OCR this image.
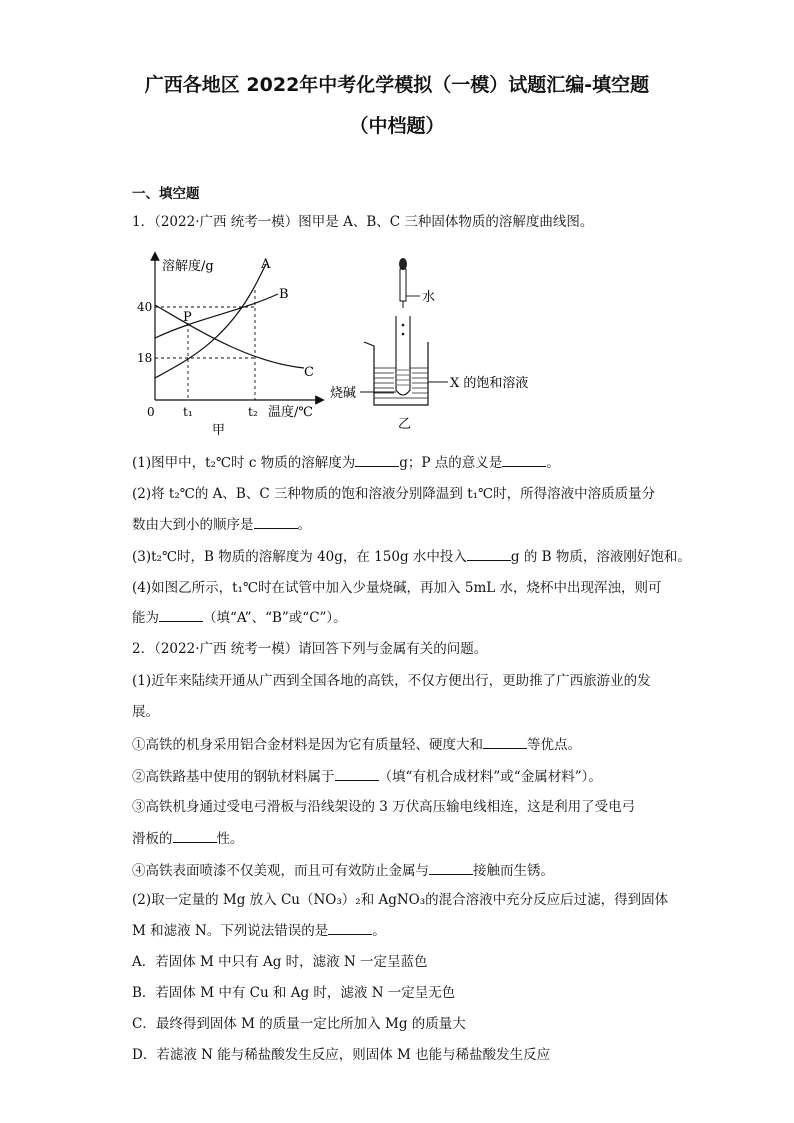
广西各地区 2022年中考化学模拟（一模）试题汇编-填空题
（中档题）
一、填空题
1．（2022·广西 统考一模）图甲是 A、B、C 三种固体物质的溶解度曲线图。
溶解度/g
温度/℃
0
40
18
t₁	t₂
A
B
C
P
甲
水
烧碱
X 的饱和溶液
乙
(1)图甲中，t₂℃时 c 物质的溶解度为	g；P 点的意义是	。
(2)将 t₂℃的 A、B、C 三种物质的饱和溶液分别降温到 t₁℃时，所得溶液中溶质质量分
数由大到小的顺序是	。
(3)t₂℃时，B 物质的溶解度为 40g，在 150g 水中投入	g 的 B 物质，溶液刚好饱和。
(4)如图乙所示，t₁℃时在试管中加入少量烧碱，再加入 5mL 水，烧杯中出现浑浊，则可
能为	（填“A”、“B”或“C”）。
2．（2022·广西 统考一模）请回答下列与金属有关的问题。
(1)近年来陆续开通从广西到全国各地的高铁，不仅方便出行，更助推了广西旅游业的发
展。
①高铁的机身采用铝合金材料是因为它有质量轻、硬度大和	等优点。
②高铁路基中使用的钢轨材料属于	（填“有机合成材料”或“金属材料”）。
③高铁机身通过受电弓滑板与沿线架设的 3 万伏高压输电线相连，这是利用了受电弓
滑板的	性。
④高铁表面喷漆不仅美观，而且可有效防止金属与	接触而生锈。
(2)取一定量的 Mg 放入 Cu（NO₃）₂和 AgNO₃的混合溶液中充分反应后过滤，得到固体
M 和滤液 N。下列说法错误的是	。
A．若固体 M 中只有 Ag 时，滤液 N 一定呈蓝色
B．若固体 M 中有 Cu 和 Ag 时，滤液 N 一定呈无色
C．最终得到固体 M 的质量一定比所加入 Mg 的质量大
D．若滤液 N 能与稀盐酸发生反应，则固体 M 也能与稀盐酸发生反应
